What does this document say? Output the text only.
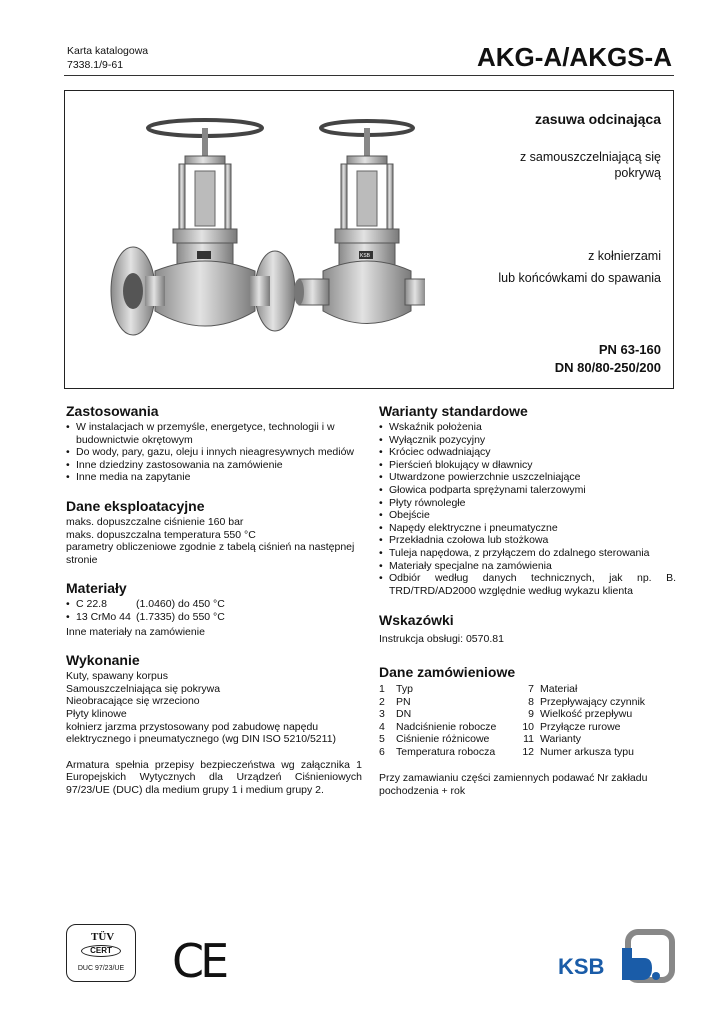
Karta katalogowa
7338.1/9-61	AKG-A/AKGS-A
KSB
zasuwa odcinająca
z samouszczelniającą się
pokrywą
z kołnierzami
lub końcówkami do spawania
PN 63-160
DN 80/80-250/200
Zastosowania
• W instalacjach w przemyśle, energetyce, technologii i w budownictwie okrętowym
• Do wody, pary, gazu, oleju i innych nieagresywnych mediów
• Inne dziedziny zastosowania na zamówienie
• Inne media na zapytanie
Dane eksploatacyjne
maks. dopuszczalne ciśnienie 160 bar
maks. dopuszczalna temperatura 550 °C
parametry obliczeniowe zgodnie z tabelą ciśnień na następnej stronie
Materiały
• C 22.8	(1.0460) do 450 °C
• 13 CrMo 44 (1.7335) do 550 °C
Inne materiały na zamówienie
Wykonanie
Kuty, spawany korpus
Samouszczelniająca się pokrywa
Nieobracające się wrzeciono
Płyty klinowe
kołnierz jarzma przystosowany pod zabudowę napędu elektrycznego i pneumatycznego (wg DIN ISO 5210/5211)
Armatura spełnia przepisy bezpieczeństwa wg załącznika 1 Europejskich Wytycznych dla Urządzeń Ciśnieniowych 97/23/UE (DUC) dla medium grupy 1 i medium grupy 2.
Warianty standardowe
• Wskaźnik położenia
• Wyłącznik pozycyjny
• Króciec odwadniający
• Pierścień blokujący w dławnicy
• Utwardzone powierzchnie uszczelniające
• Głowica podparta sprężynami talerzowymi
• Płyty równoległe
• Obejście
• Napędy elektryczne i pneumatyczne
• Przekładnia czołowa lub stożkowa
• Tuleja napędowa, z przyłączem do zdalnego sterowania
• Materiały specjalne na zamówienia
• Odbiór według danych technicznych, jak np. B. TRD/TRD/AD2000 względnie według wykazu klienta
Wskazówki
Instrukcja obsługi: 0570.81
Dane zamówieniowe
1	Typ	7	Materiał
2	PN	8	Przepływający czynnik
3	DN	9	Wielkość przepływu
4	Nadciśnienie robocze	10	Przyłącze rurowe
5	Ciśnienie różnicowe	11	Warianty
6	Temperatura robocza	12	Numer arkusza typu
Przy zamawianiu części zamiennych podawać Nr zakładu pochodzenia + rok
TÜV
CERT
DUC 97/23/UE CE	KSB
